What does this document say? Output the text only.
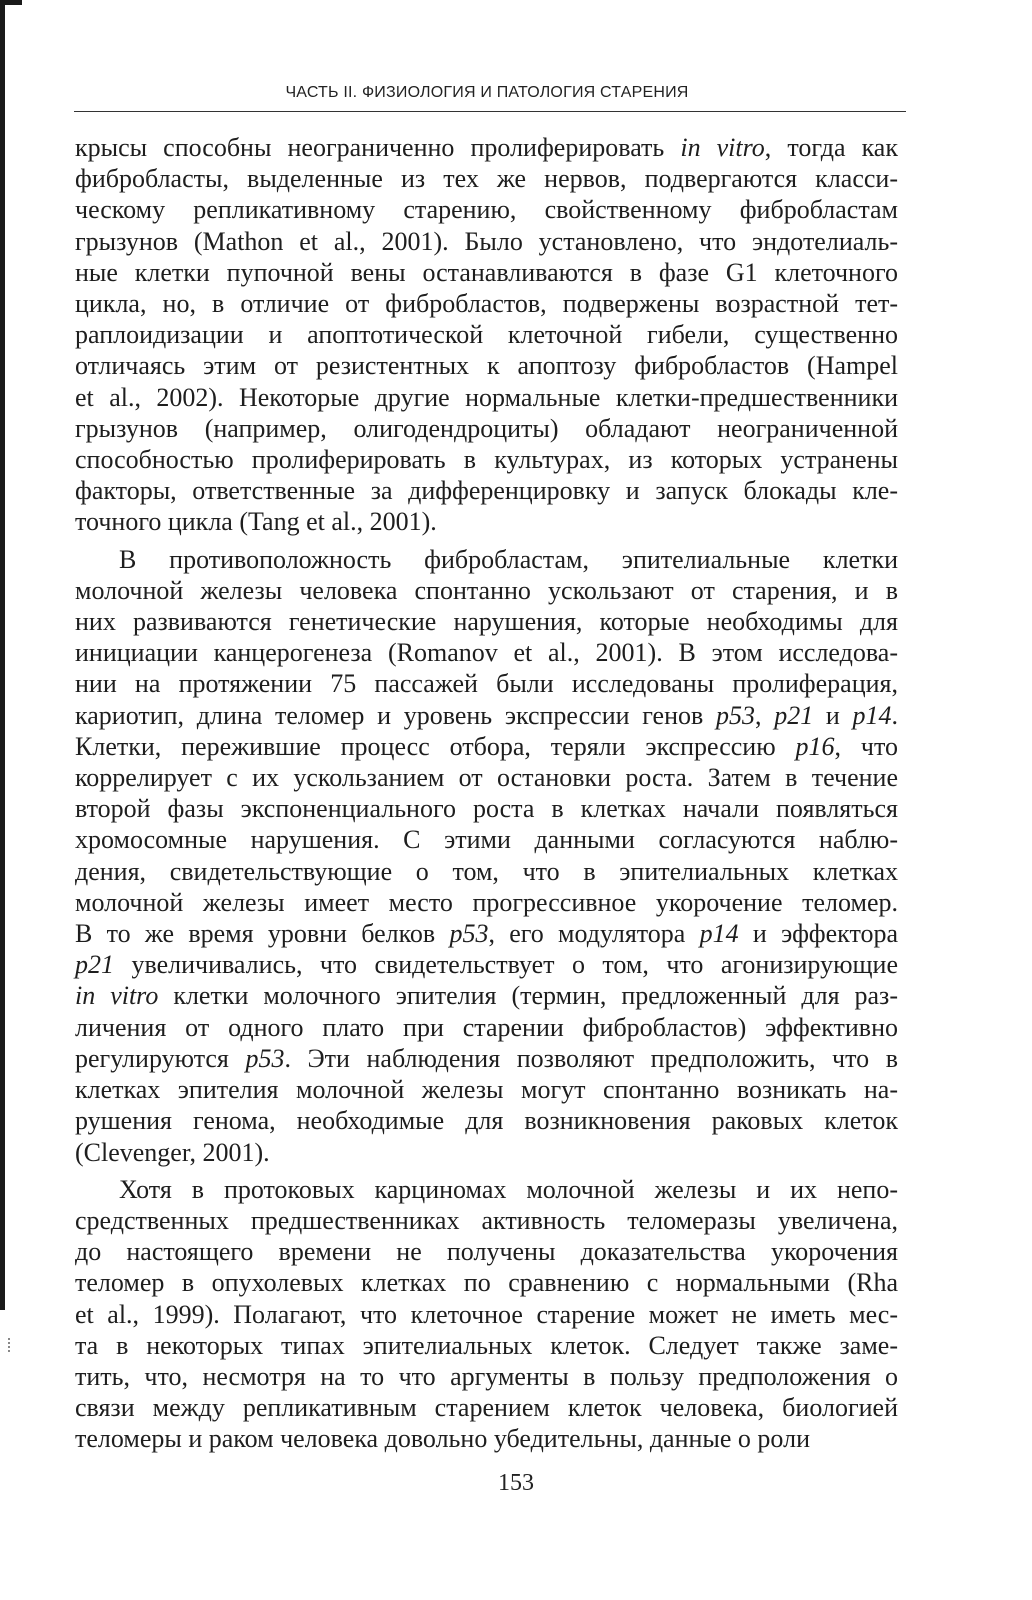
ЧАСТЬ II. ФИЗИОЛОГИЯ И ПАТОЛОГИЯ СТАРЕНИЯ
крысы способны неограниченно пролиферировать in vitro, тогда как
фибробласты, выделенные из тех же нервов, подвергаются класси-
ческому репликативному старению, свойственному фибробластам
грызунов (Mathon et al., 2001). Было установлено, что эндотелиаль-
ные клетки пупочной вены останавливаются в фазе G1 клеточного
цикла, но, в отличие от фибробластов, подвержены возрастной тет-
раплоидизации и апоптотической клеточной гибели, существенно
отличаясь этим от резистентных к апоптозу фибробластов (Hampel
et al., 2002). Некоторые другие нормальные клетки-предшественники
грызунов (например, олигодендроциты) обладают неограниченной
способностью пролиферировать в культурах, из которых устранены
факторы, ответственные за дифференцировку и запуск блокады кле-
точного цикла (Tang et al., 2001).
В противоположность фибробластам, эпителиальные клетки
молочной железы человека спонтанно ускользают от старения, и в
них развиваются генетические нарушения, которые необходимы для
инициации канцерогенеза (Romanov et al., 2001). В этом исследова-
нии на протяжении 75 пассажей были исследованы пролиферация,
кариотип, длина теломер и уровень экспрессии генов p53, p21 и p14.
Клетки, пережившие процесс отбора, теряли экспрессию p16, что
коррелирует с их ускользанием от остановки роста. Затем в течение
второй фазы экспоненциального роста в клетках начали появляться
хромосомные нарушения. С этими данными согласуются наблю-
дения, свидетельствующие о том, что в эпителиальных клетках
молочной железы имеет место прогрессивное укорочение теломер.
В то же время уровни белков p53, его модулятора p14 и эффектора
p21 увеличивались, что свидетельствует о том, что агонизирующие
in vitro клетки молочного эпителия (термин, предложенный для раз-
личения от одного плато при старении фибробластов) эффективно
регулируются p53. Эти наблюдения позволяют предположить, что в
клетках эпителия молочной железы могут спонтанно возникать на-
рушения генома, необходимые для возникновения раковых клеток
(Clevenger, 2001).
Хотя в протоковых карциномах молочной железы и их непо-
средственных предшественниках активность теломеразы увеличена,
до настоящего времени не получены доказательства укорочения
теломер в опухолевых клетках по сравнению с нормальными (Rha
et al., 1999). Полагают, что клеточное старение может не иметь мес-
та в некоторых типах эпителиальных клеток. Следует также заме-
тить, что, несмотря на то что аргументы в пользу предположения о
связи между репликативным старением клеток человека, биологией
теломеры и раком человека довольно убедительны, данные о роли
153
